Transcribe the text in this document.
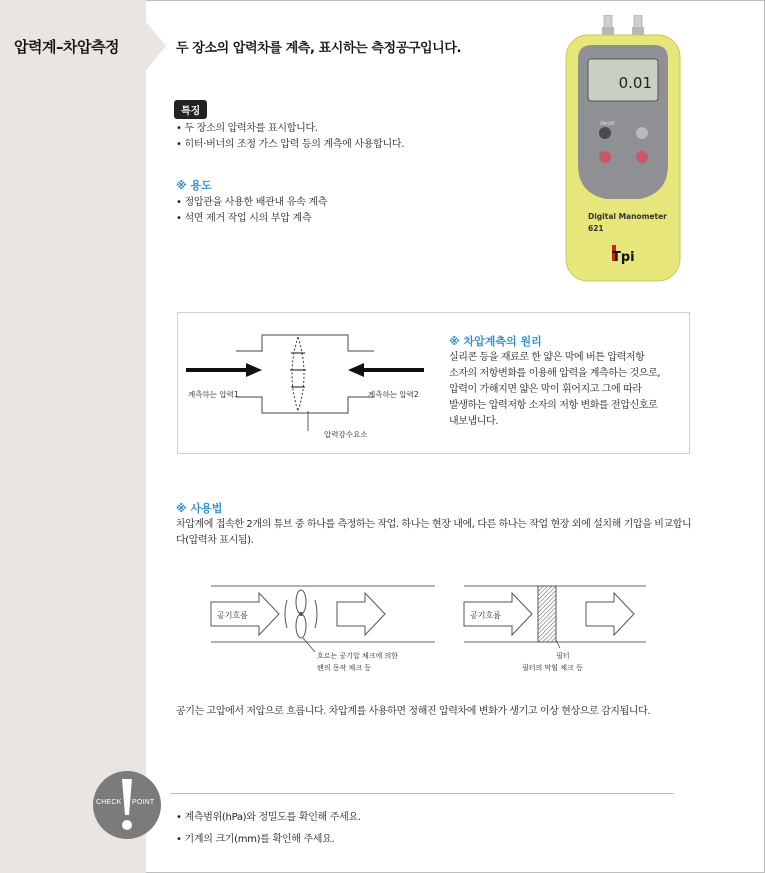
압력계–차압측정	두 장소의 압력차를 계측, 표시하는 측정공구입니다.
특징
• 두 장소의 압력차를 표시합니다.
• 히터·버너의 조정 가스 압력 등의 계측에 사용합니다.
※ 용도
• 정압관을 사용한 배관내 유속 계측
• 석면 제거 작업 시의 부압 계측
0.01
ON/OFF
Digital Manometer
621
Tpi
계측하는 압력1	계측하는 압력2
압력감수요소
※ 차압계측의 원리
실리콘 등을 재료로 한 얇은 막에 버튼 압력저항
소자의 저항변화를 이용해 압력을 계측하는 것으로,
압력이 가해지면 얇은 막이 휘어지고 그에 따라
발생하는 압력저항 소자의 저항 변화를 전압신호로
내보냅니다.
※ 사용법
차압계에 접속한 2개의 튜브 중 하나를 측정하는 작업. 하나는 현장 내에, 다른 하나는 작업 현장 외에 설치해 기압을 비교합니다(압력차 표시됨).
공기흐름
흐르는 공기압 체크에 의한
팬의 동작 체크 등
공기흐름
필터
필터의 막힘 체크 등
공기는 고압에서 저압으로 흐릅니다. 차압계를 사용하면 정해진 압력차에 변화가 생기고 이상 현상으로 감지됩니다.
CHECK POINT
• 계측범위(hPa)와 정밀도를 확인해 주세요.
• 기계의 크기(mm)를 확인해 주세요.
